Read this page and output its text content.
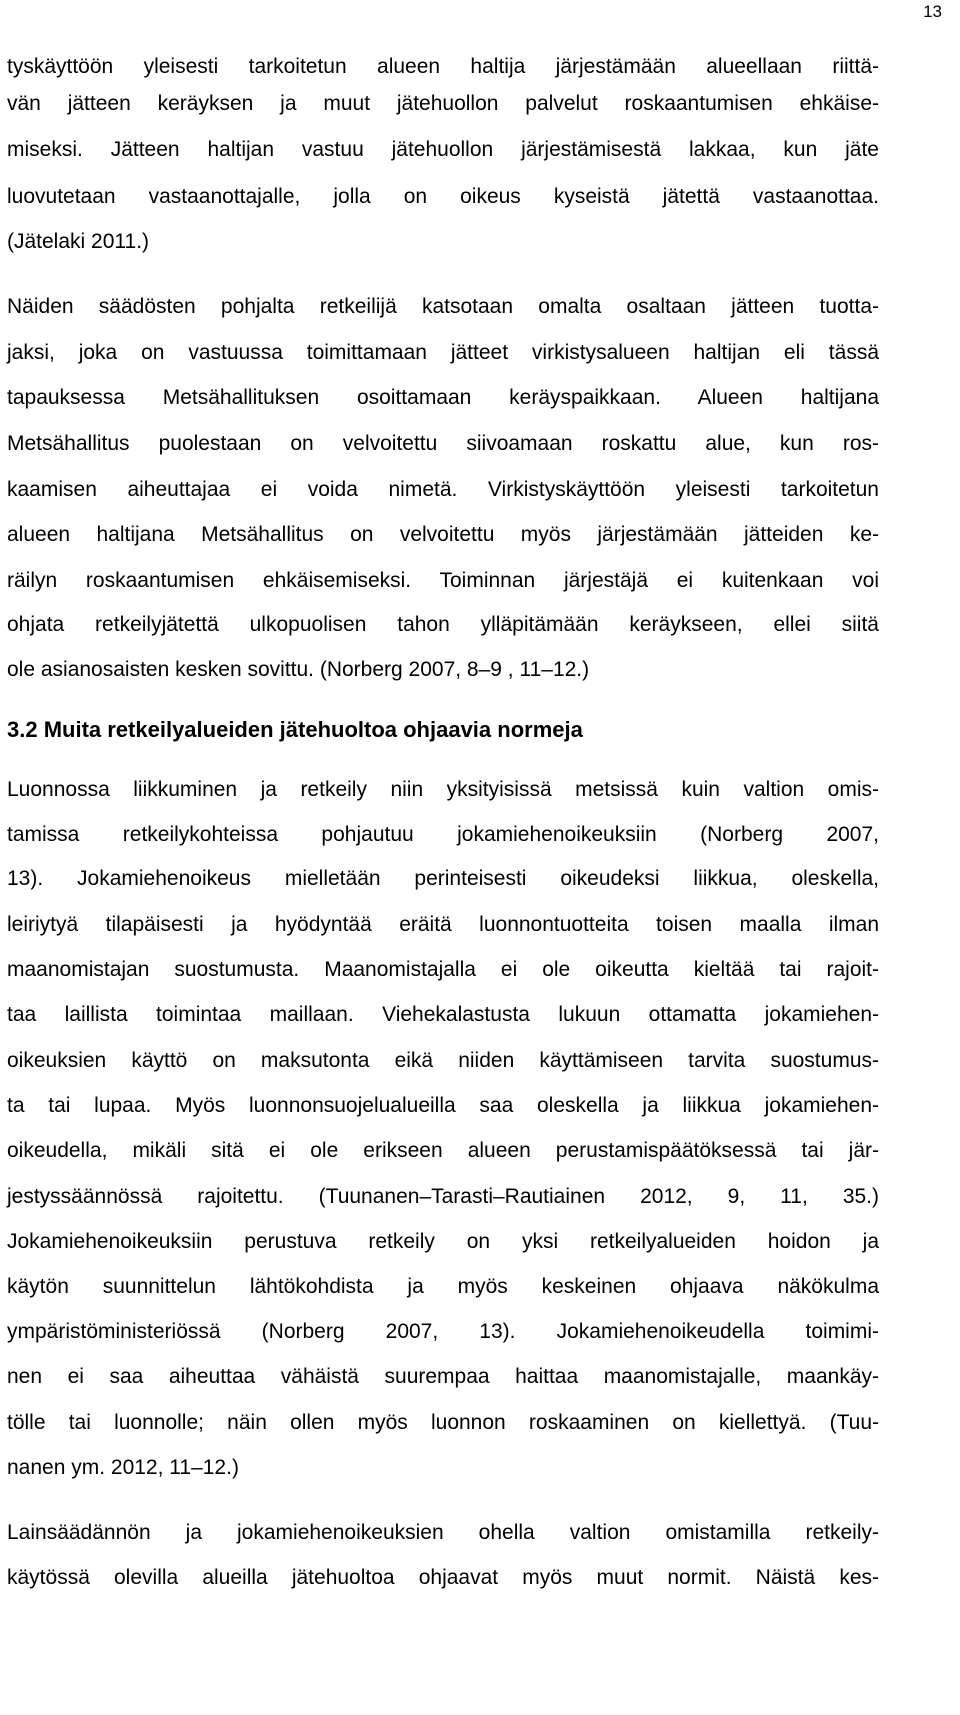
13
tyskäyttöön yleisesti tarkoitetun alueen haltija järjestämään alueellaan riittä-
vän jätteen keräyksen ja muut jätehuollon palvelut roskaantumisen ehkäise-
miseksi. Jätteen haltijan vastuu jätehuollon järjestämisestä lakkaa, kun jäte
luovutetaan vastaanottajalle, jolla on oikeus kyseistä jätettä vastaanottaa.
(Jätelaki 2011.)
Näiden säädösten pohjalta retkeilijä katsotaan omalta osaltaan jätteen tuotta-
jaksi, joka on vastuussa toimittamaan jätteet virkistysalueen haltijan eli tässä
tapauksessa Metsähallituksen osoittamaan keräyspaikkaan. Alueen haltijana
Metsähallitus puolestaan on velvoitettu siivoamaan roskattu alue, kun ros-
kaamisen aiheuttajaa ei voida nimetä. Virkistyskäyttöön yleisesti tarkoitetun
alueen haltijana Metsähallitus on velvoitettu myös järjestämään jätteiden ke-
räilyn roskaantumisen ehkäisemiseksi. Toiminnan järjestäjä ei kuitenkaan voi
ohjata retkeilyjätettä ulkopuolisen tahon ylläpitämään keräykseen, ellei siitä
ole asianosaisten kesken sovittu. (Norberg 2007, 8–9 , 11–12.)
3.2 Muita retkeilyalueiden jätehuoltoa ohjaavia normeja
Luonnossa liikkuminen ja retkeily niin yksityisissä metsissä kuin valtion omis-
tamissa retkeilykohteissa pohjautuu jokamiehenoikeuksiin (Norberg 2007,
13). Jokamiehenoikeus mielletään perinteisesti oikeudeksi liikkua, oleskella,
leiriytyä tilapäisesti ja hyödyntää eräitä luonnontuotteita toisen maalla ilman
maanomistajan suostumusta. Maanomistajalla ei ole oikeutta kieltää tai rajoit-
taa laillista toimintaa maillaan. Viehekalastusta lukuun ottamatta jokamiehen-
oikeuksien käyttö on maksutonta eikä niiden käyttämiseen tarvita suostumus-
ta tai lupaa. Myös luonnonsuojelualueilla saa oleskella ja liikkua jokamiehen-
oikeudella, mikäli sitä ei ole erikseen alueen perustamispäätöksessä tai jär-
jestyssäännössä rajoitettu. (Tuunanen–Tarasti–Rautiainen 2012, 9, 11, 35.)
Jokamiehenoikeuksiin perustuva retkeily on yksi retkeilyalueiden hoidon ja
käytön suunnittelun lähtökohdista ja myös keskeinen ohjaava näkökulma
ympäristöministeriössä (Norberg 2007, 13). Jokamiehenoikeudella toimimi-
nen ei saa aiheuttaa vähäistä suurempaa haittaa maanomistajalle, maankäy-
tölle tai luonnolle; näin ollen myös luonnon roskaaminen on kiellettyä. (Tuu-
nanen ym. 2012, 11–12.)
Lainsäädännön ja jokamiehenoikeuksien ohella valtion omistamilla retkeily-
käytössä olevilla alueilla jätehuoltoa ohjaavat myös muut normit. Näistä kes-
